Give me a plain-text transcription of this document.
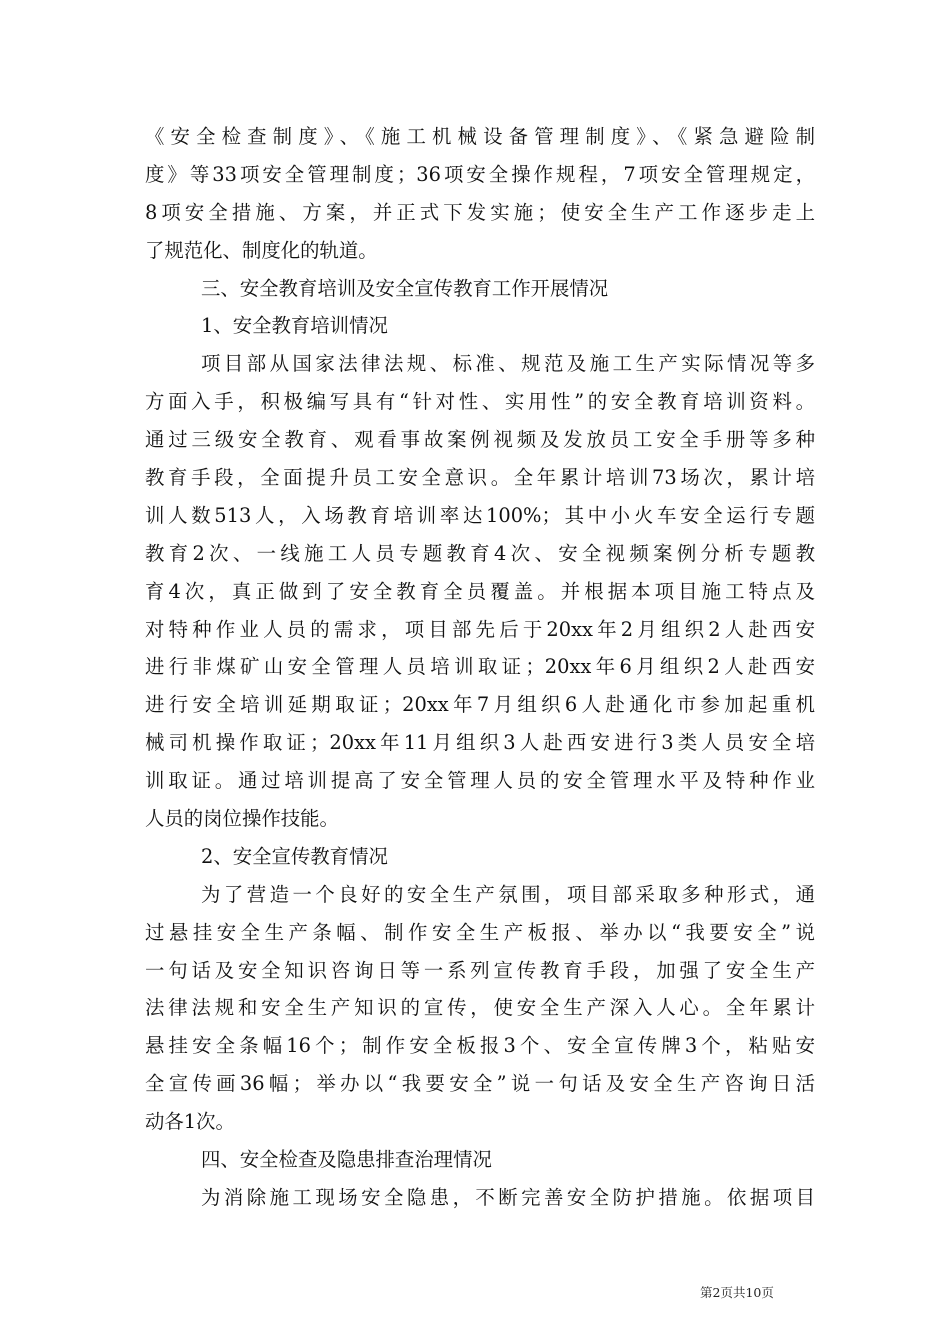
《安全检查制度》、《施工机械设备管理制度》、《紧急避险制
度》等33项安全管理制度；36项安全操作规程，7项安全管理规定，
8项安全措施、方案，并正式下发实施；使安全生产工作逐步走上
了规范化、制度化的轨道。
三、安全教育培训及安全宣传教育工作开展情况
1、安全教育培训情况
项目部从国家法律法规、标准、规范及施工生产实际情况等多
方面入手，积极编写具有“针对性、实用性”的安全教育培训资料。
通过三级安全教育、观看事故案例视频及发放员工安全手册等多种
教育手段，全面提升员工安全意识。全年累计培训73场次，累计培
训人数513人，入场教育培训率达100%；其中小火车安全运行专题
教育2次、一线施工人员专题教育4次、安全视频案例分析专题教
育4次，真正做到了安全教育全员覆盖。并根据本项目施工特点及
对特种作业人员的需求，项目部先后于20xx年2月组织2人赴西安
进行非煤矿山安全管理人员培训取证；20xx年6月组织2人赴西安
进行安全培训延期取证；20xx年7月组织6人赴通化市参加起重机
械司机操作取证；20xx年11月组织3人赴西安进行3类人员安全培
训取证。通过培训提高了安全管理人员的安全管理水平及特种作业
人员的岗位操作技能。
2、安全宣传教育情况
为了营造一个良好的安全生产氛围，项目部采取多种形式，通
过悬挂安全生产条幅、制作安全生产板报、举办以“我要安全”说
一句话及安全知识咨询日等一系列宣传教育手段，加强了安全生产
法律法规和安全生产知识的宣传，使安全生产深入人心。全年累计
悬挂安全条幅16个；制作安全板报3个、安全宣传牌3个，粘贴安
全宣传画36幅；举办以“我要安全”说一句话及安全生产咨询日活
动各1次。
四、安全检查及隐患排查治理情况
为消除施工现场安全隐患，不断完善安全防护措施。依据项目
第2页共10页
